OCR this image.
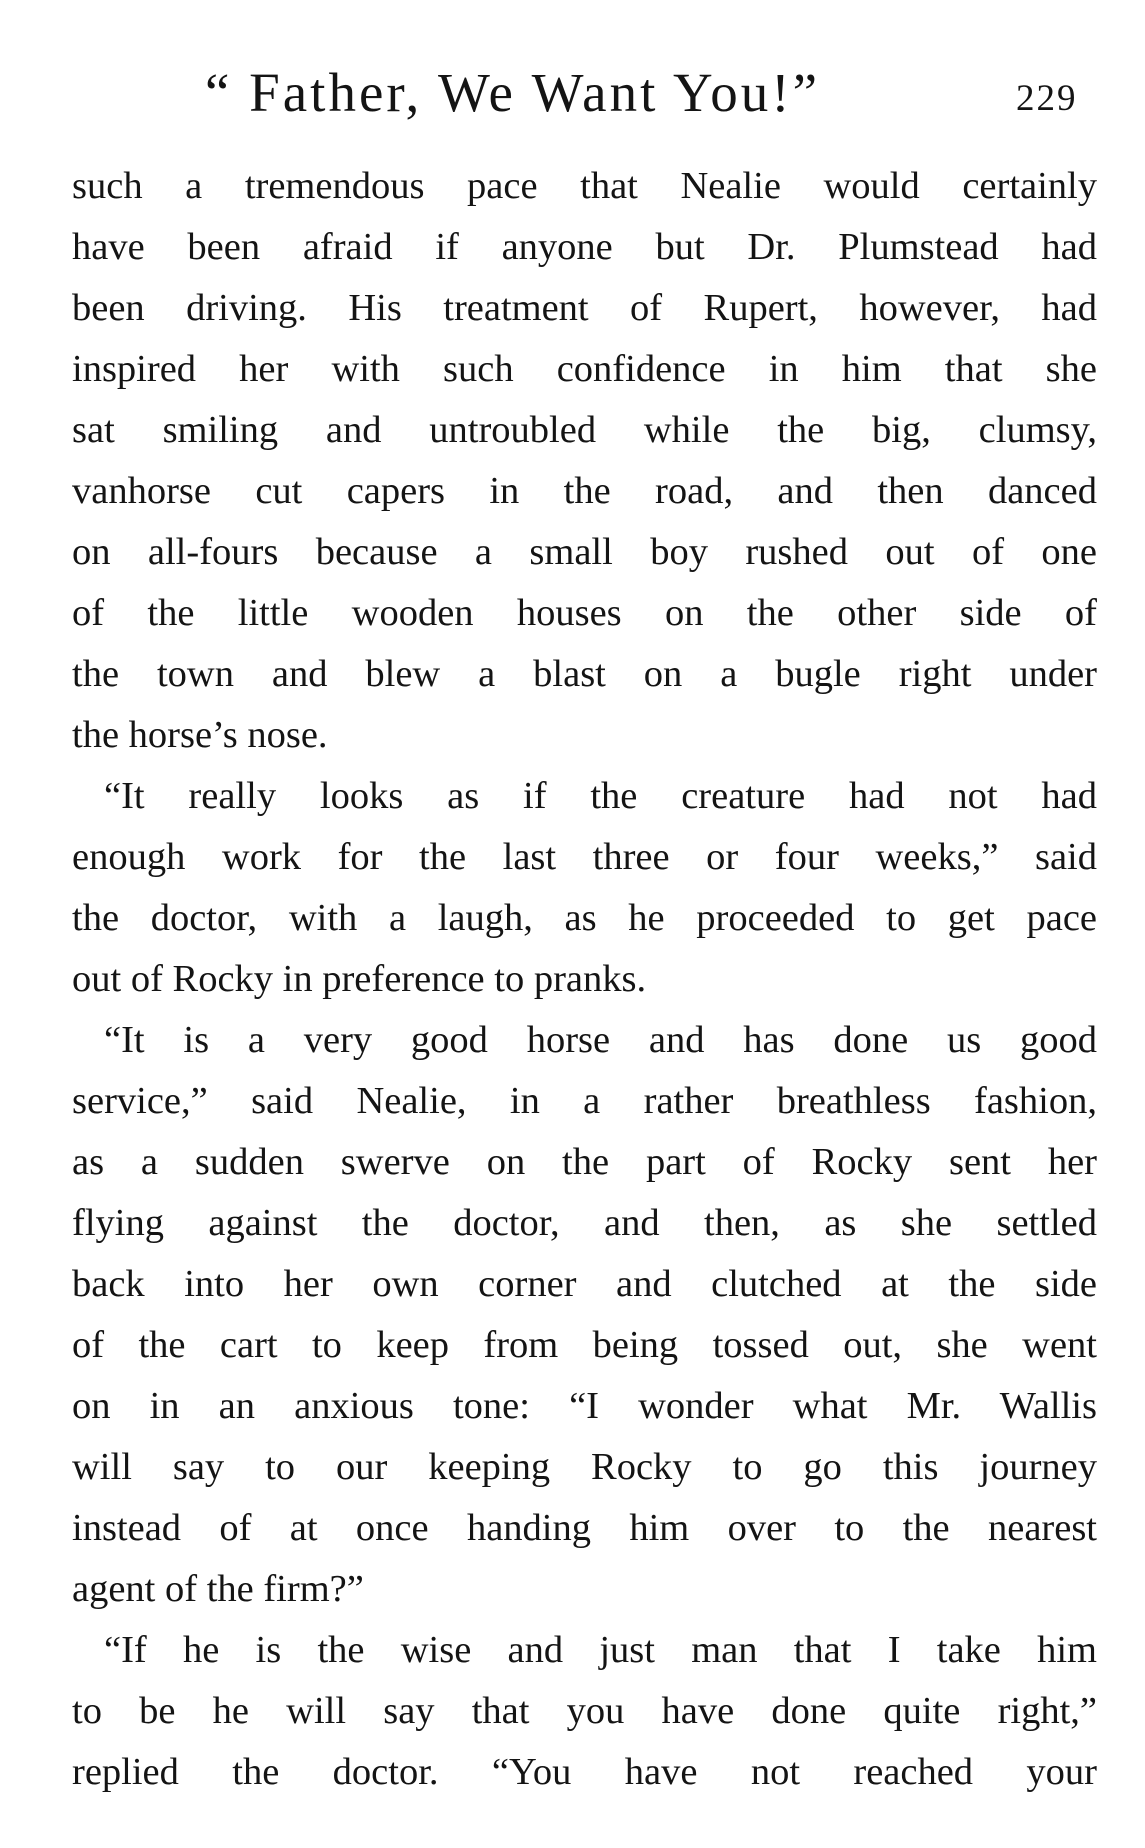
“ Father, We Want You!”	229
such a tremendous pace that Nealie would certainly
have been afraid if anyone but Dr. Plumstead had
been driving. His treatment of Rupert, however, had
inspired her with such confidence in him that she
sat smiling and untroubled while the big, clumsy,
vanhorse cut capers in the road, and then danced
on all-fours because a small boy rushed out of one
of the little wooden houses on the other side of
the town and blew a blast on a bugle right under
the horse’s nose.
“It really looks as if the creature had not had
enough work for the last three or four weeks,” said
the doctor, with a laugh, as he proceeded to get pace
out of Rocky in preference to pranks.
“It is a very good horse and has done us good
service,” said Nealie, in a rather breathless fashion,
as a sudden swerve on the part of Rocky sent her
flying against the doctor, and then, as she settled
back into her own corner and clutched at the side
of the cart to keep from being tossed out, she went
on in an anxious tone: “I wonder what Mr. Wallis
will say to our keeping Rocky to go this journey
instead of at once handing him over to the nearest
agent of the firm?”
“If he is the wise and just man that I take him
to be he will say that you have done quite right,”
replied the doctor. “You have not reached your
